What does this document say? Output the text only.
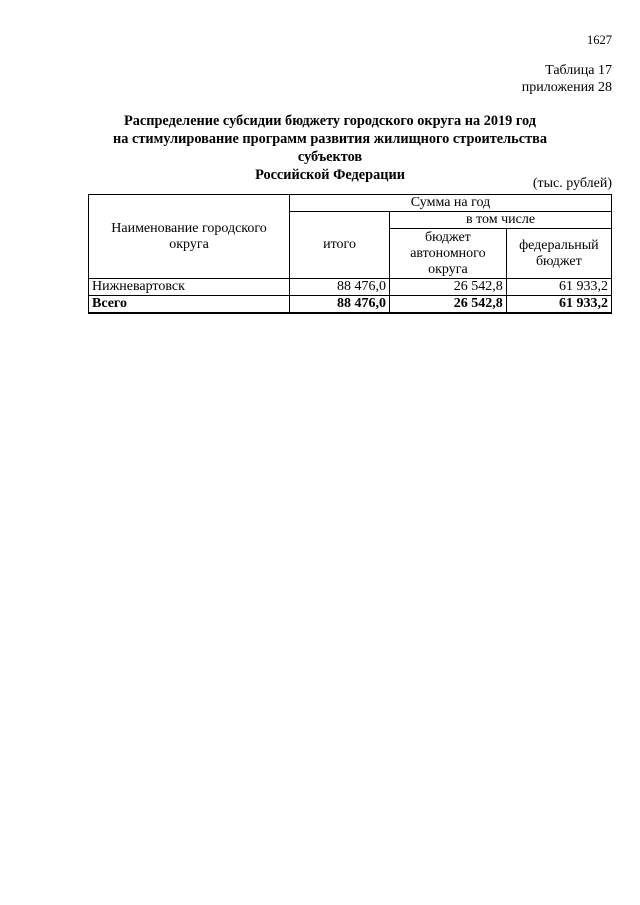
1627
Таблица 17
приложения 28
Распределение субсидии бюджету городского округа на 2019 год
на стимулирование программ развития жилищного строительства субъектов
Российской Федерации
(тыс. рублей)
Наименование городского округа	Сумма на год		
	итого	в том числе	
		бюджет автономного округа	федеральный бюджет
Нижневартовск	88 476,0	26 542,8	61 933,2
Всего	88 476,0	26 542,8	61 933,2
